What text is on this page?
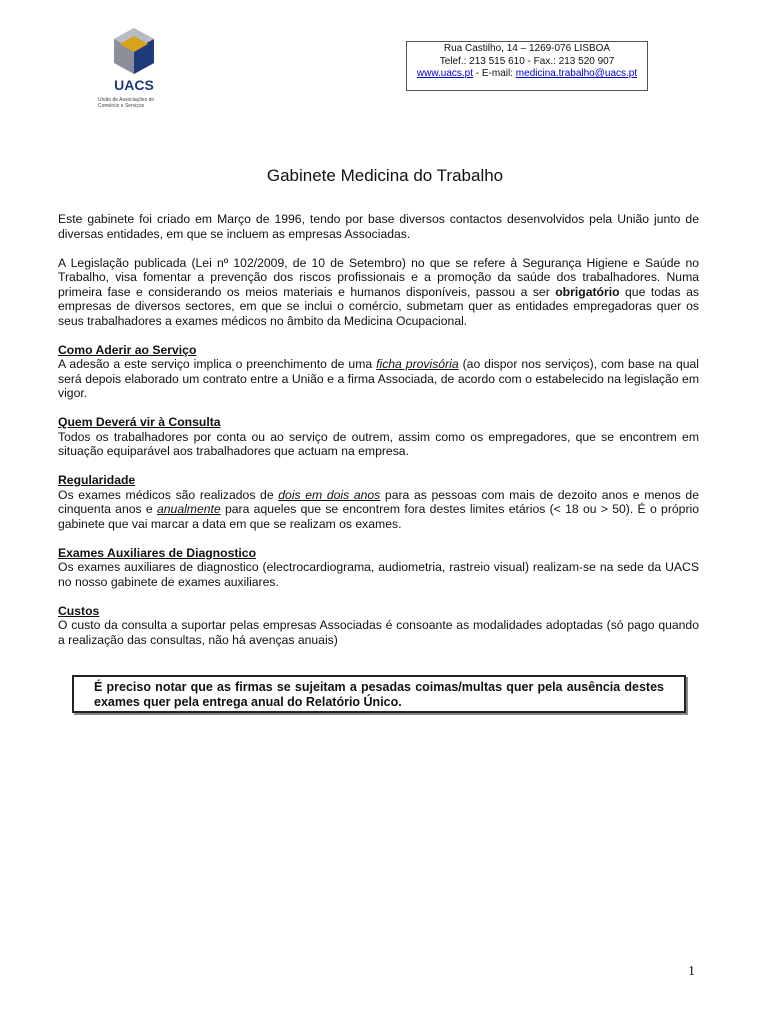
UACS
União de Associações do Comércio e Serviços
Rua Castilho, 14 – 1269-076 LISBOA
Telef.: 213 515 610 - Fax.: 213 520 907
www.uacs.pt - E-mail: medicina.trabalho@uacs.pt
Gabinete Medicina do Trabalho

Este gabinete foi criado em Março de 1996, tendo por base diversos contactos desenvolvidos pela União junto de diversas entidades, em que se incluem as empresas Associadas.

A Legislação publicada (Lei nº 102/2009, de 10 de Setembro) no que se refere à Segurança Higiene e Saúde no Trabalho, visa fomentar a prevenção dos riscos profissionais e a promoção da saúde dos trabalhadores. Numa primeira fase e considerando os meios materiais e humanos disponíveis, passou a ser obrigatório que todas as empresas de diversos sectores, em que se inclui o comércio, submetam quer as entidades empregadoras quer os seus trabalhadores a exames médicos no âmbito da Medicina Ocupacional.

Como Aderir ao Serviço
A adesão a este serviço implica o preenchimento de uma ficha provisória (ao dispor nos serviços), com base na qual será depois elaborado um contrato entre a União e a firma Associada, de acordo com o estabelecido na legislação em vigor.

Quem Deverá vir à Consulta
Todos os trabalhadores por conta ou ao serviço de outrem, assim como os empregadores, que se encontrem em situação equiparável aos trabalhadores que actuam na empresa.

Regularidade
Os exames médicos são realizados de dois em dois anos para as pessoas com mais de dezoito anos e menos de cinquenta anos e anualmente para aqueles que se encontrem fora destes limites etários (< 18 ou > 50). É o próprio gabinete que vai marcar a data em que se realizam os exames.

Exames Auxiliares de Diagnostico
Os exames auxiliares de diagnostico (electrocardiograma, audiometria, rastreio visual) realizam-se na sede da UACS no nosso gabinete de exames auxiliares.

Custos
O custo da consulta a suportar pelas empresas Associadas é consoante as modalidades adoptadas (só pago quando a realização das consultas, não há avenças anuais)

É preciso notar que as firmas se sujeitam a pesadas coimas/multas quer pela ausência destes exames quer pela entrega anual do Relatório Único.
1
